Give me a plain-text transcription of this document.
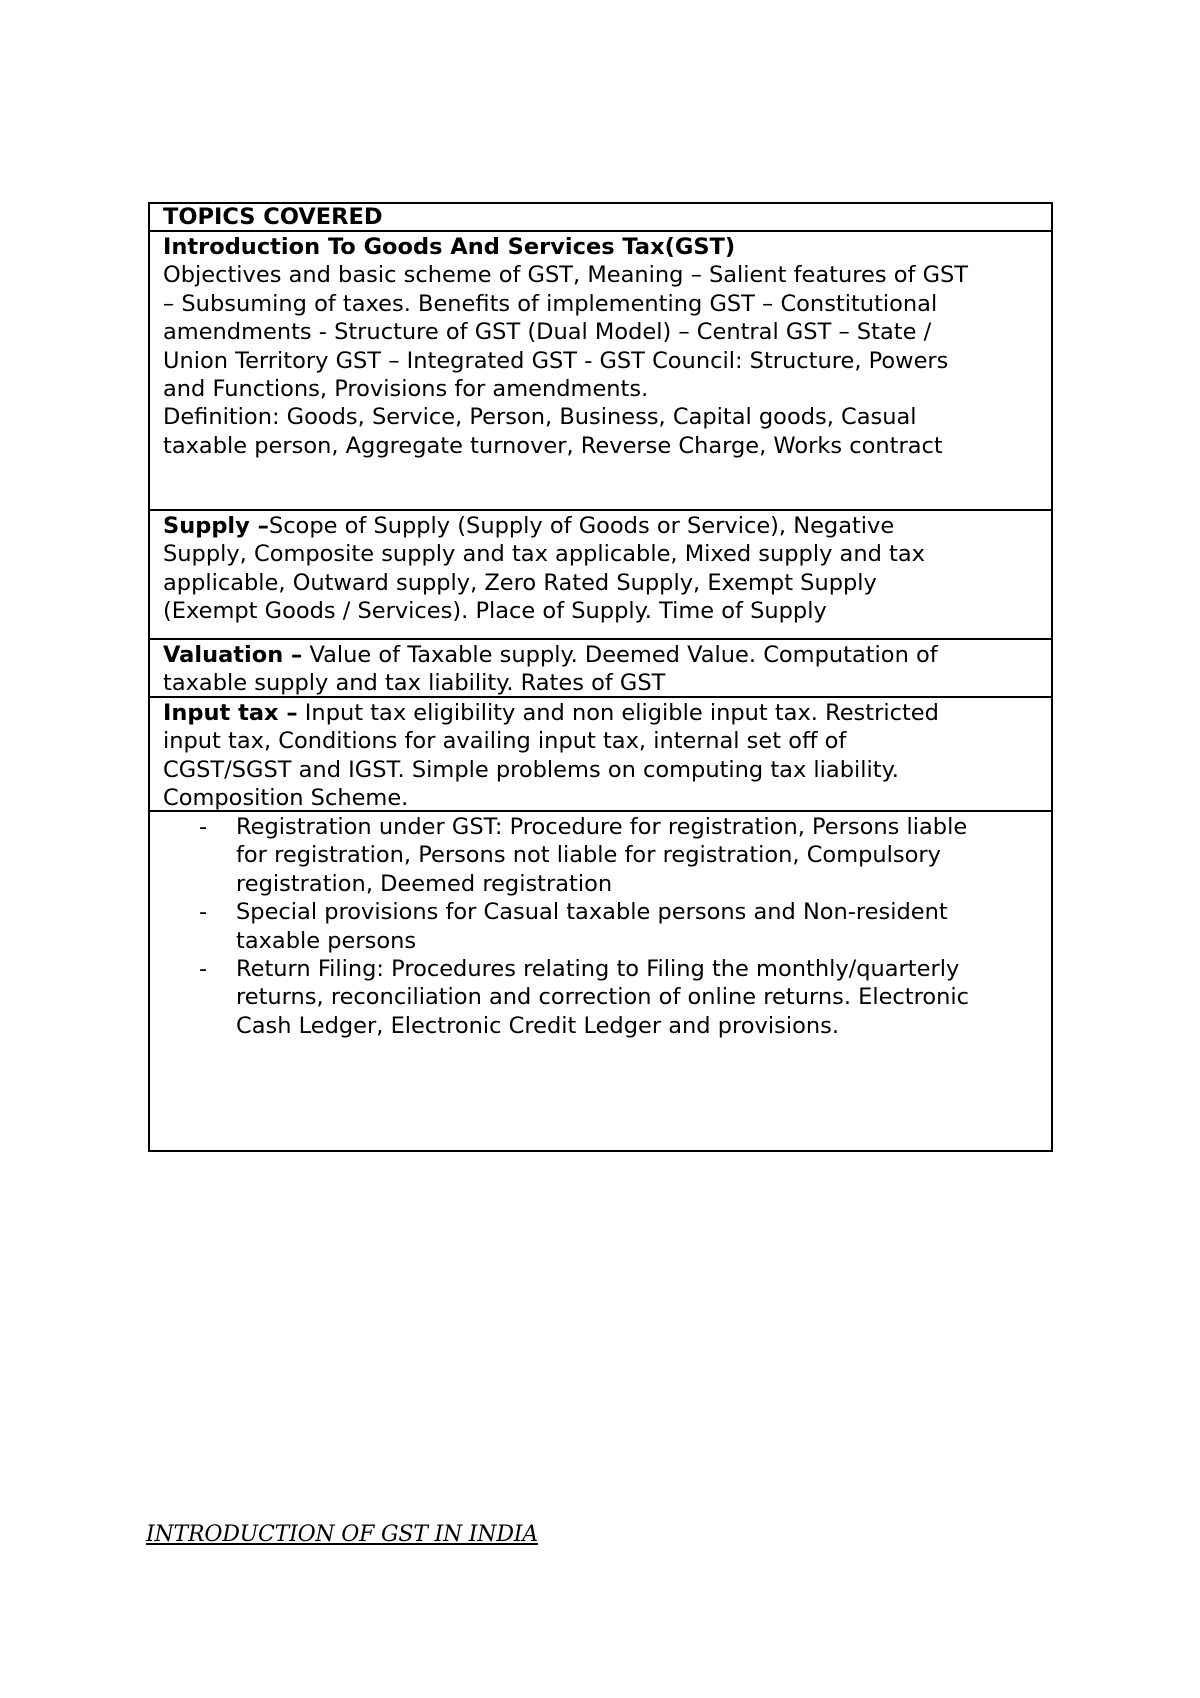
TOPICS COVERED
Introduction To Goods And Services Tax(GST)
Objectives and basic scheme of GST, Meaning – Salient features of GST
– Subsuming of taxes. Benefits of implementing GST – Constitutional
amendments - Structure of GST (Dual Model) – Central GST – State /
Union Territory GST – Integrated GST - GST Council: Structure, Powers
and Functions, Provisions for amendments.
Definition: Goods, Service, Person, Business, Capital goods, Casual
taxable person, Aggregate turnover, Reverse Charge, Works contract
Supply –Scope of Supply (Supply of Goods or Service), Negative
Supply, Composite supply and tax applicable, Mixed supply and tax
applicable, Outward supply, Zero Rated Supply, Exempt Supply
(Exempt Goods / Services). Place of Supply. Time of Supply
Valuation – Value of Taxable supply. Deemed Value. Computation of
taxable supply and tax liability. Rates of GST
Input tax – Input tax eligibility and non eligible input tax. Restricted
input tax, Conditions for availing input tax, internal set off of
CGST/SGST and IGST. Simple problems on computing tax liability.
Composition Scheme.
- Registration under GST: Procedure for registration, Persons liable
for registration, Persons not liable for registration, Compulsory
registration, Deemed registration
- Special provisions for Casual taxable persons and Non-resident
taxable persons
- Return Filing: Procedures relating to Filing the monthly/quarterly
returns, reconciliation and correction of online returns. Electronic
Cash Ledger, Electronic Credit Ledger and provisions.
INTRODUCTION OF GST IN INDIA
